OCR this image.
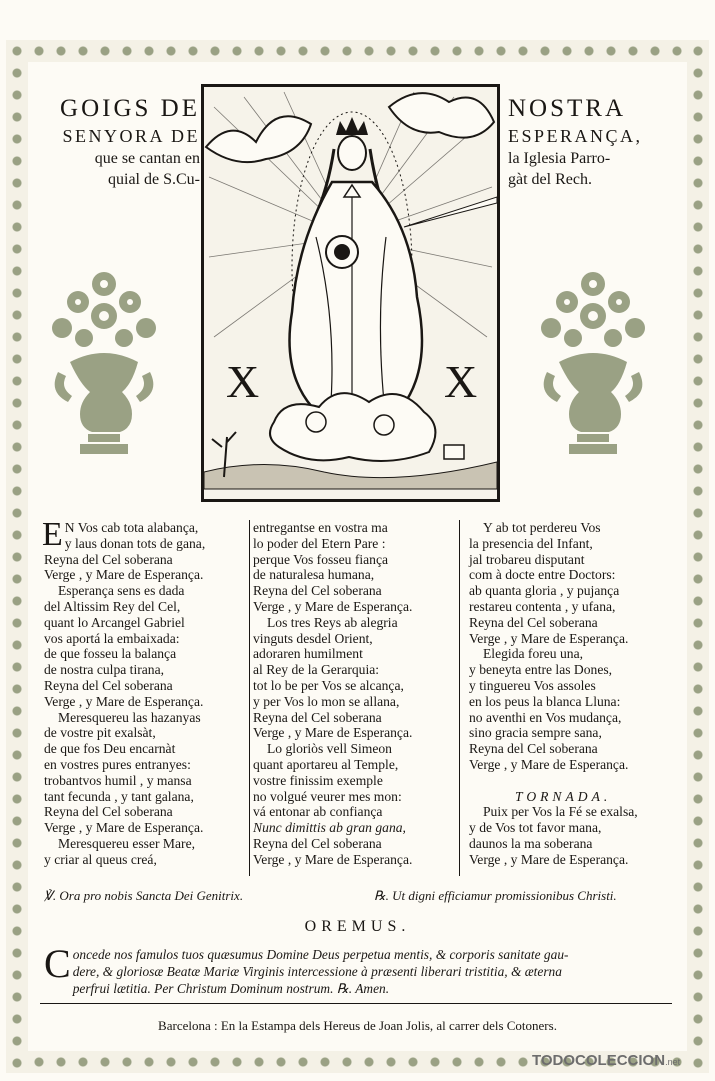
GOIGS DE
SENYORA DE
que se cantan en
quial de S.Cu-
NOSTRA
ESPERANÇA,
la Iglesia Parro-
gàt del Rech.
X	X
E N Vos cab tota alabança,
y laus donan tots de gana,
Reyna del Cel soberana
Verge , y Mare de Esperança.
Esperança sens es dada
del Altissim Rey del Cel,
quant lo Arcangel Gabriel
vos aportá la embaixada:
de que fosseu la balança
de nostra culpa tirana,
Reyna del Cel soberana
Verge , y Mare de Esperança.
Meresquereu las hazanyas
de vostre pit exalsàt,
de que fos Deu encarnàt
en vostres pures entranyes:
trobantvos humil , y mansa
tant fecunda , y tant galana,
Reyna del Cel soberana
Verge , y Mare de Esperança.
Meresquereu esser Mare,
y criar al queus creá,
entregantse en vostra ma
lo poder del Etern Pare :
perque Vos fosseu fiança
de naturalesa humana,
Reyna del Cel soberana
Verge , y Mare de Esperança.
Los tres Reys ab alegria
vinguts desdel Orient,
adoraren humilment
al Rey de la Gerarquia:
tot lo be per Vos se alcança,
y per Vos lo mon se allana,
Reyna del Cel soberana
Verge , y Mare de Esperança.
Lo gloriòs vell Simeon
quant aportareu al Temple,
vostre finissim exemple
no volgué veurer mes mon:
vá entonar ab confiança
Nunc dimittis ab gran gana,
Reyna del Cel soberana
Verge , y Mare de Esperança.
Y ab tot perdereu Vos
la presencia del Infant,
jal trobareu disputant
com à docte entre Doctors:
ab quanta gloria , y pujança
restareu contenta , y ufana,
Reyna del Cel soberana
Verge , y Mare de Esperança.
Elegida foreu una,
y beneyta entre las Dones,
y tinguereu Vos assoles
en los peus la blanca Lluna:
no aventhi en Vos mudança,
sino gracia sempre sana,
Reyna del Cel soberana
Verge , y Mare de Esperança.
TORNADA.
Puix per Vos la Fé se exalsa,
y de Vos tot favor mana,
daunos la ma soberana
Verge , y Mare de Esperança.
℣. Ora pro nobis Sancta Dei Genitrix.	℞. Ut digni efficiamur promissionibus Christi.
OREMUS.
C oncede nos famulos tuos quæsumus Domine Deus perpetua mentis, & corporis sanitate gau-
dere, & gloriosæ Beatæ Mariæ Virginis intercessione à præsenti liberari tristitia, & æterna
perfrui lætitia. Per Christum Dominum nostrum. ℞. Amen.
Barcelona : En la Estampa dels Hereus de Joan Jolis, al carrer dels Cotoners.
TODOCOLECCION.net
